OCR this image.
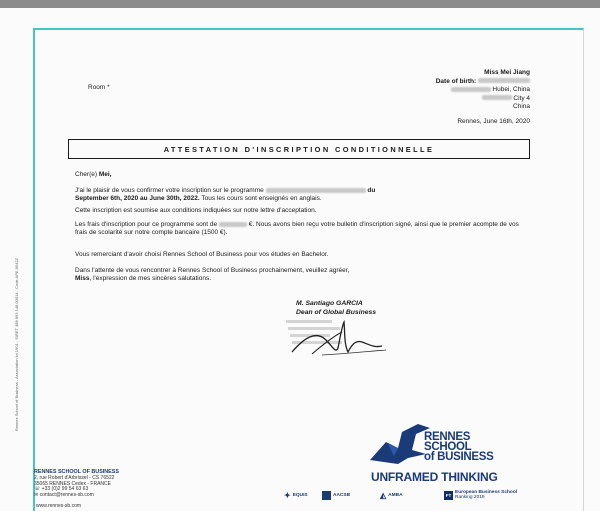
Miss Mei Jiang
Date of birth:
Hubei, China
City 4
China
Room *
Rennes, June 16th, 2020
ATTESTATION D'INSCRIPTION CONDITIONNELLE
Cher(e) Mei,
J'ai le plaisir de vous confirmer votre inscription sur le programme	du
September 6th, 2020 au June 30th, 2022. Tous les cours sont enseignés en anglais.
Cette inscription est soumise aux conditions indiquées sur notre lettre d'acceptation.
Les frais d'inscription pour ce programme sont de	€. Nous avons bien reçu votre bulletin d'inscription signé, ainsi que le premier acompte de vos frais de scolarité sur notre compte bancaire (1500 €).
Vous remerciant d'avoir choisi Rennes School of Business pour vos études en Bachelor.
Dans l'attente de vous rencontrer à Rennes School of Business prochainement, veuillez agréer,
Miss, l'expression de mes sincères salutations.
M. Santiago GARCIA
Dean of Global Business
Rennes School of Business - Association loi 1901 - SIRET 388 893 148 00014 - Code APE 8542Z
RENNES
SCHOOL
of BUSINESS
UNFRAMED THINKING
RENNES SCHOOL OF BUSINESS
2, rue Robert d'Arbrissel - CS 76522
35065 RENNES Cedex - FRANCE
☏ +33 (0)2 99 54 63 63
✉ contact@rennes-sb.com
www.rennes-sb.com
✦ EQUIS	AACSB	◭ AMBA	FT European Business School
Ranking 2019
